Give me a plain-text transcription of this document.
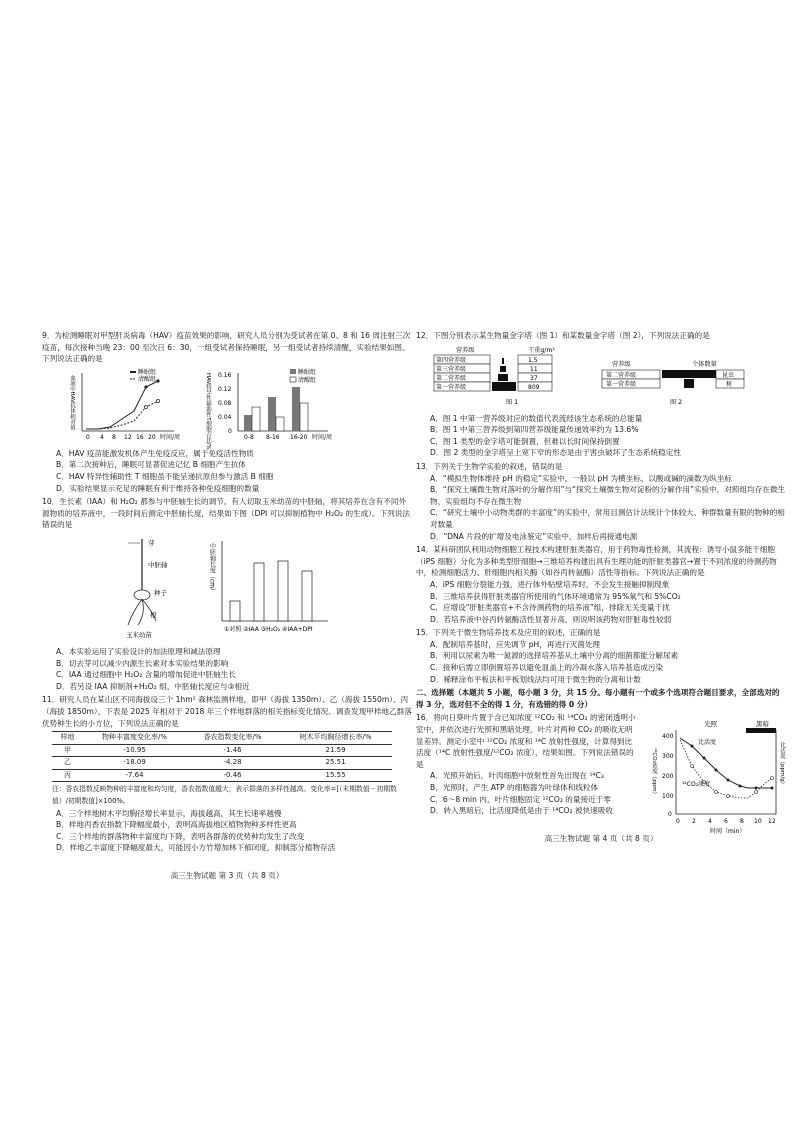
9．为检测睡眠对甲型肝炎病毒（HAV）疫苗效果的影响，研究人员分别为受试者在第 0、8 和 16 周注射三次疫苗，每次接种当晚 23：00 至次日 6：30，一组受试者保持睡眠，另一组受试者持续清醒，实验结果如图。下列说法正确的是
睡眠组
清醒组
0 4 8 12 16 20 时间/周
血液中HAV抗体相对值	0.16
0.12
0.08
0.04
0
睡眠组
清醒组
0-8 8-16 16-20 时间/周
HAV特异性辅助性T细胞占比/%
A．HAV 疫苗能激发机体产生免疫反应，属于免疫活性物质
B．第二次接种后，睡眠可显著促进记忆 B 细胞产生抗体
C．HAV 特异性辅助性 T 细胞虽不能呈递抗原但参与激活 B 细胞
D．实验结果显示充足的睡眠有利于维持各种免疫细胞的数量
10．生长素（IAA）和 H₂O₂ 都参与中胚轴生长的调节。有人切取玉米幼苗的中胚轴，将其培养在含有不同外源物质的培养液中，一段时间后测定中胚轴长度，结果如下图（DPI 可以抑制植物中 H₂O₂ 的生成）。下列说法错误的是
芽
中胚轴
种子
根
玉米幼苗
中胚轴长度（cm）
①对照 ②IAA ③H₂O₂ ④IAA+DPI
A．本实验运用了实验设计的加法原理和减法原理
B．切去芽可以减少内源生长素对本实验结果的影响
C．IAA 通过细胞中 H₂O₂ 含量的增加促进中胚轴生长
D．若另设 IAA 抑制剂+H₂O₂ 组，中胚轴长度应与③相近
11．研究人员在某山区不同海拔设三个 1hm² 森林监测样地，即甲（海拔 1350m）、乙（海拔 1550m）、丙（海拔 1850m），下表是 2025 年相对于 2018 年三个样地群落的相关指标变化情况。调查发现甲样地乙群落优势种生长的小方位，下列说法正确的是
样地	物种丰富度变化率/%	香农指数变化率/%	树木平均胸径增长率/%
甲	-10.95	-1.46	21.59
乙	-18.09	-4.28	25.51
丙	-7.64	-0.46	15.55
注：香农指数反映物种的丰富度和均匀度，香农指数值越大，表示群落的多样性越高。变化率=[（末期数值－初期数值）/初期数值]×100%。
A．三个样地树木平均胸径增长率显示，海拔越高，其生长速率越慢
B．样地丙香农指数下降幅度最小，表明高海拔地区植物物种多样性更高
C．三个样地的群落物种丰富度均下降，表明各群落的优势种均发生了改变
D．样地乙丰富度下降幅度最大，可能因小方竹增加林下郁闭度，抑制部分植物存活
高三生物试题 第 3 页（共 8 页）
12．下图分别表示某生物量金字塔（图 1）和某数量金字塔（图 2），下列说法正确的是
营养级	干重g/m²
第四营养级
第三营养级
第二营养级
第一营养级
1.5
11
37
809
图 1
营养级	个体数量
第二营养级
第一营养级
昆虫
树
图 2
A．图 1 中第一营养级对应的数值代表流经该生态系统的总能量
B．图 1 中第三营养级到第四营养级能量传递效率约为 13.6%
C．图 1 类型的金字塔可能倒置，但难以长时间保持倒置
D．图 2 类型的金字塔呈上宽下窄的形态是由于害虫破坏了生态系统稳定性
13．下列关于生物学实验的叙述，错误的是
A．“模拟生物体维持 pH 的稳定”实验中，一般以 pH 为横坐标，以酸或碱的滴数为纵坐标
B．“探究土壤微生物对落叶的分解作用”与“探究土壤微生物对淀粉的分解作用”实验中，对照组均存在微生物，实验组均不存在微生物
C．“研究土壤中小动物类群的丰富度”的实验中，常用目测估计法统计个体较大、种群数量有限的物种的相对数量
D．“DNA 片段的扩增及电泳鉴定”实验中，加样后再接通电源
14．某科研团队利用动物细胞工程技术构建肝脏类器官，用于药物毒性检测，其流程：诱导小鼠多能干细胞（iPS 细胞）分化为多种类型肝细胞→三维培养构建出具有生理功能的肝脏类器官→置于不同浓度的待测药物中，检测细胞活力、肝细胞内相关酶（如谷丙转氨酶）活性等指标。下列说法正确的是
A．iPS 细胞分裂能力强，进行体外贴壁培养时，不会发生接触抑制现象
B．三维培养获得肝脏类器官所使用的气体环境通常为 95%氧气和 5%CO₂
C．应增设“肝脏类器官+不含待测药物的培养液”组，排除无关变量干扰
D．若培养液中谷丙转氨酶活性显著升高，则说明该药物对肝脏毒性较弱
15．下列关于微生物培养技术及应用的叙述，正确的是
A．配制培养基时，应先调节 pH，再进行灭菌处理
B．利用以尿素为唯一氮源的选择培养基从土壤中分离的细菌都能分解尿素
C．接种后需立即倒置培养以避免皿盖上的冷凝水落入培养基造成污染
D．稀释涂布平板法和平板划线法均可用于微生物的分离和计数
二、选择题（本题共 5 小题，每小题 3 分，共 15 分。每小题有一个或多个选项符合题目要求，全部选对的得 3 分，选对但不全的得 1 分，有选错的得 0 分）
16．将向日葵叶片置于含已知浓度 ¹²CO₂ 和 ¹⁴CO₂ 的密闭透明小室中，并依次进行光照和黑暗处理，叶片对两种 CO₂ 的吸收无明显差异。测定小室中 ¹²CO₂ 浓度和 ¹⁴C 放射性强度，计算得到比活度（¹⁴C 放射性强度/¹²CO₂ 浓度），结果如图。下列说法错误的是
A．光照开始后，叶肉细胞中放射性首先出现在 ¹⁴C₃
B．光照时，产生 ATP 的细胞器为叶绿体和线粒体
C．6～8 min 内，叶片细胞固定 ¹²CO₂ 的量接近于零
D．转入黑暗后，比活度降低是由于 ¹⁴CO₂ 被快速吸收
光照	黑暗
400
300
200
100
0
比活度
¹²CO₂浓度
0 2 4 6 8 10 12
时间（min）
¹²CO₂浓度（ppm）	比活度（ppm/g）
高三生物试题 第 4 页（共 8 页）
